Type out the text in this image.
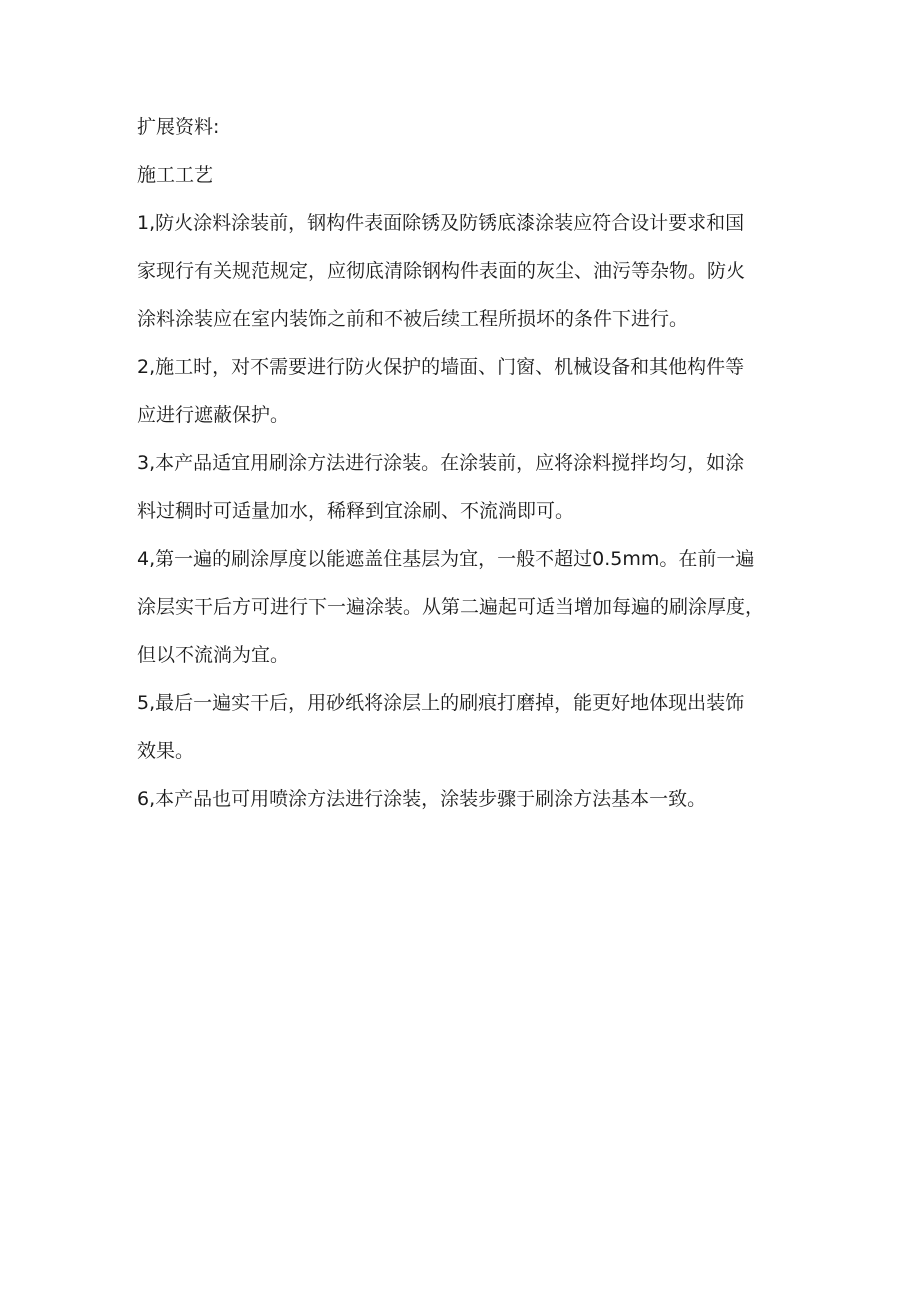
扩展资料:
施工工艺
1,防火涂料涂装前，钢构件表面除锈及防锈底漆涂装应符合设计要求和国
家现行有关规范规定，应彻底清除钢构件表面的灰尘、油污等杂物。防火
涂料涂装应在室内装饰之前和不被后续工程所损坏的条件下进行。
2,施工时，对不需要进行防火保护的墙面、门窗、机械设备和其他构件等
应进行遮蔽保护。
3,本产品适宜用刷涂方法进行涂装。在涂装前，应将涂料搅拌均匀，如涂
料过稠时可适量加水，稀释到宜涂刷、不流淌即可。
4,第一遍的刷涂厚度以能遮盖住基层为宜，一般不超过0.5mm。在前一遍
涂层实干后方可进行下一遍涂装。从第二遍起可适当增加每遍的刷涂厚度，
但以不流淌为宜。
5,最后一遍实干后，用砂纸将涂层上的刷痕打磨掉，能更好地体现出装饰
效果。
6,本产品也可用喷涂方法进行涂装，涂装步骤于刷涂方法基本一致。
